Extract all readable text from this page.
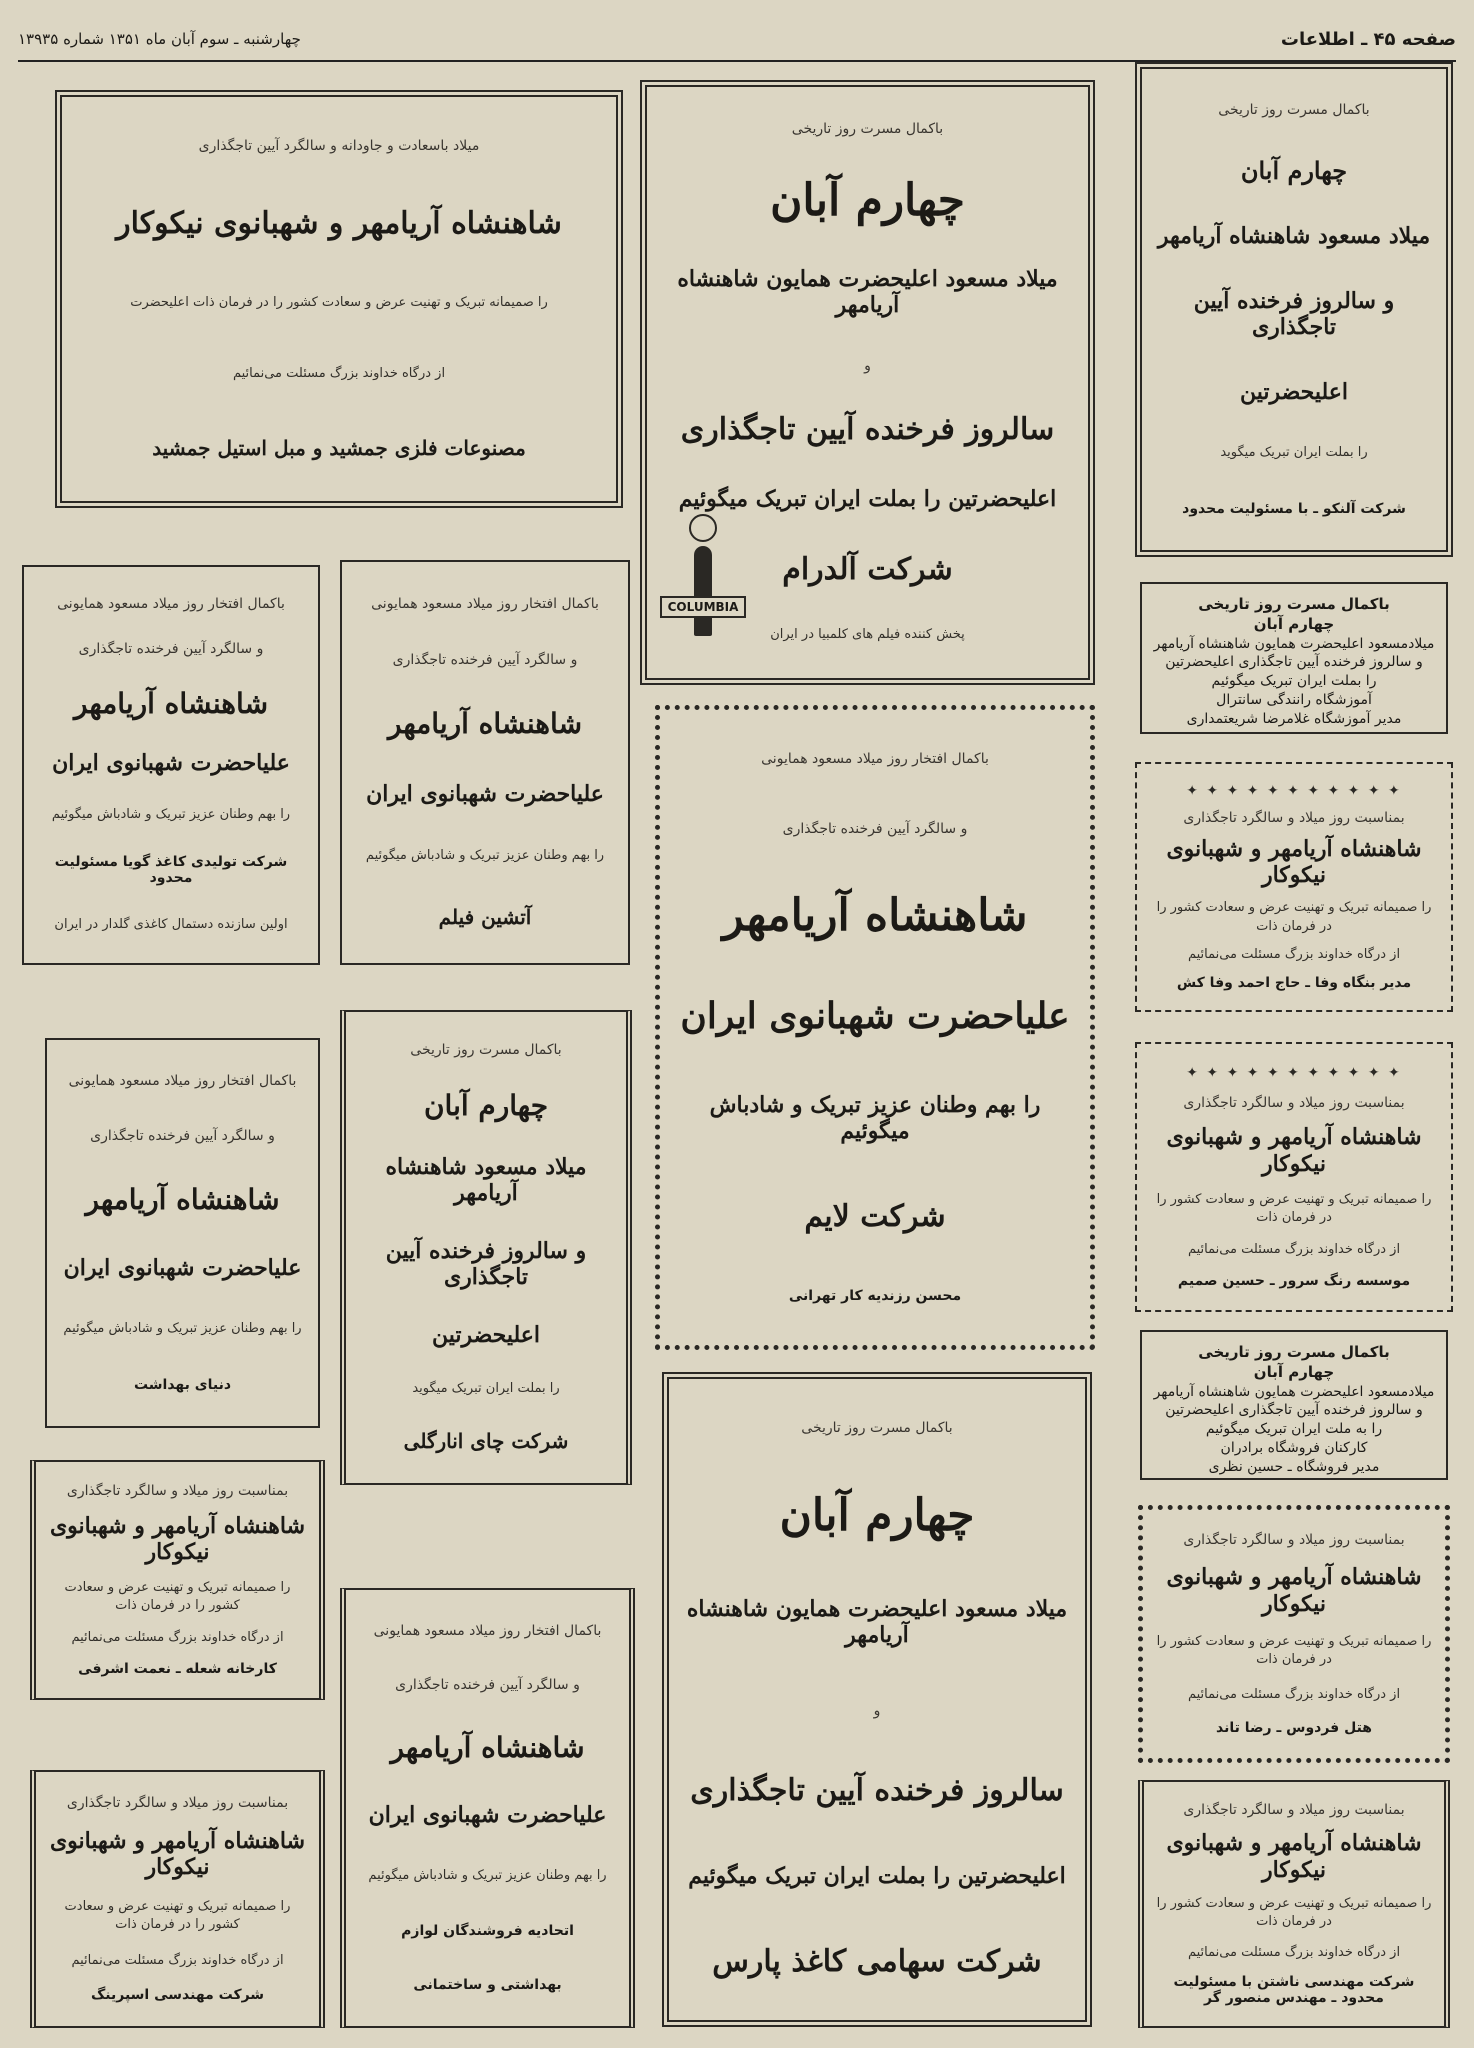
صفحه ۴۵ ـ اطلاعات
چهارشنبه ـ سوم آبان ماه ۱۳۵۱ شماره ۱۳۹۳۵
میلاد باسعادت و جاودانه و سالگرد آیین تاجگذاری
شاهنشاه آریامهر و شهبانوی نیکوکار
را صمیمانه تبریک و تهنیت عرض و سعادت کشور را در فرمان ذات اعلیحضرت
از درگاه خداوند بزرگ مسئلت می‌نمائیم
مصنوعات فلزی جمشید و مبل استیل جمشید
باکمال مسرت روز تاریخی
چهارم آبان
میلاد مسعود اعلیحضرت همایون شاهنشاه آریامهر
و
سالروز فرخنده آیین تاجگذاری
اعلیحضرتین را بملت ایران تبریک میگوئیم
شرکت آلدرام
پخش کننده فیلم های کلمبیا در ایران
COLUMBIA
باکمال مسرت روز تاریخی
چهارم آبان
میلاد مسعود شاهنشاه آریامهر
و سالروز فرخنده آیین تاجگذاری
اعلیحضرتین
را بملت ایران تبریک میگوید
شرکت آلنکو ـ با مسئولیت محدود
باکمال افتخار روز میلاد مسعود همایونی
و سالگرد آیین فرخنده تاجگذاری
شاهنشاه آریامهر
علیاحضرت شهبانوی ایران
را بهم وطنان عزیز تبریک و شادباش میگوئیم
شرکت تولیدی کاغذ گویا مسئولیت محدود
اولین سازنده دستمال کاغذی گلدار در ایران
باکمال افتخار روز میلاد مسعود همایونی
و سالگرد آیین فرخنده تاجگذاری
شاهنشاه آریامهر
علیاحضرت شهبانوی ایران
را بهم وطنان عزیز تبریک و شادباش میگوئیم
آتشین فیلم
باکمال مسرت روز تاریخی
چهارم آبان
میلادمسعود اعلیحضرت همایون شاهنشاه آریامهر
و سالروز فرخنده آیین تاجگذاری اعلیحضرتین
را بملت ایران تبریک میگوئیم
آموزشگاه رانندگی سانترال
مدیر آموزشگاه غلامرضا شریعتمداری
باکمال افتخار روز میلاد مسعود همایونی
و سالگرد آیین فرخنده تاجگذاری
شاهنشاه آریامهر
علیاحضرت شهبانوی ایران
را بهم وطنان عزیز تبریک و شادباش میگوئیم
شرکت لایم
محسن رزندیه کار تهرانی
✦ ✦ ✦ ✦ ✦ ✦ ✦ ✦ ✦ ✦ ✦
بمناسبت روز میلاد و سالگرد تاجگذاری
شاهنشاه آریامهر و شهبانوی نیکوکار
را صمیمانه تبریک و تهنیت عرض و سعادت کشور را در فرمان ذات
از درگاه خداوند بزرگ مسئلت می‌نمائیم
مدیر بنگاه وفا ـ حاج احمد وفا کش
✦ ✦ ✦ ✦ ✦ ✦ ✦ ✦ ✦ ✦ ✦
بمناسبت روز میلاد و سالگرد تاجگذاری
شاهنشاه آریامهر و شهبانوی نیکوکار
را صمیمانه تبریک و تهنیت عرض و سعادت کشور را در فرمان ذات
از درگاه خداوند بزرگ مسئلت می‌نمائیم
موسسه رنگ سرور ـ حسین صمیم
باکمال افتخار روز میلاد مسعود همایونی
و سالگرد آیین فرخنده تاجگذاری
شاهنشاه آریامهر
علیاحضرت شهبانوی ایران
را بهم وطنان عزیز تبریک و شادباش میگوئیم
دنیای بهداشت
باکمال مسرت روز تاریخی
چهارم آبان
میلاد مسعود شاهنشاه آریامهر
و سالروز فرخنده آیین تاجگذاری
اعلیحضرتین
را بملت ایران تبریک میگوید
شرکت چای انارگلی
باکمال مسرت روز تاریخی
چهارم آبان
میلادمسعود اعلیحضرت همایون شاهنشاه آریامهر
و سالروز فرخنده آیین تاجگذاری اعلیحضرتین
را به ملت ایران تبریک میگوئیم
کارکنان فروشگاه برادران
مدیر فروشگاه ـ حسین نظری
باکمال مسرت روز تاریخی
چهارم آبان
میلاد مسعود اعلیحضرت همایون شاهنشاه آریامهر
و
سالروز فرخنده آیین تاجگذاری
اعلیحضرتین را بملت ایران تبریک میگوئیم
شرکت سهامی کاغذ پارس
بمناسبت روز میلاد و سالگرد تاجگذاری
شاهنشاه آریامهر و شهبانوی نیکوکار
را صمیمانه تبریک و تهنیت عرض و سعادت کشور را در فرمان ذات
از درگاه خداوند بزرگ مسئلت می‌نمائیم
کارخانه شعله ـ نعمت اشرفی
بمناسبت روز میلاد و سالگرد تاجگذاری
شاهنشاه آریامهر و شهبانوی نیکوکار
را صمیمانه تبریک و تهنیت عرض و سعادت کشور را در فرمان ذات
از درگاه خداوند بزرگ مسئلت می‌نمائیم
هتل فردوس ـ رضا تاند
باکمال افتخار روز میلاد مسعود همایونی
و سالگرد آیین فرخنده تاجگذاری
شاهنشاه آریامهر
علیاحضرت شهبانوی ایران
را بهم وطنان عزیز تبریک و شادباش میگوئیم
اتحادیه فروشندگان لوازم
بهداشتی و ساختمانی
بمناسبت روز میلاد و سالگرد تاجگذاری
شاهنشاه آریامهر و شهبانوی نیکوکار
را صمیمانه تبریک و تهنیت عرض و سعادت کشور را در فرمان ذات
از درگاه خداوند بزرگ مسئلت می‌نمائیم
شرکت مهندسی اسپرینگ
بمناسبت روز میلاد و سالگرد تاجگذاری
شاهنشاه آریامهر و شهبانوی نیکوکار
را صمیمانه تبریک و تهنیت عرض و سعادت کشور را در فرمان ذات
از درگاه خداوند بزرگ مسئلت می‌نمائیم
شرکت مهندسی ناشتن با مسئولیت محدود ـ مهندس منصور گر
